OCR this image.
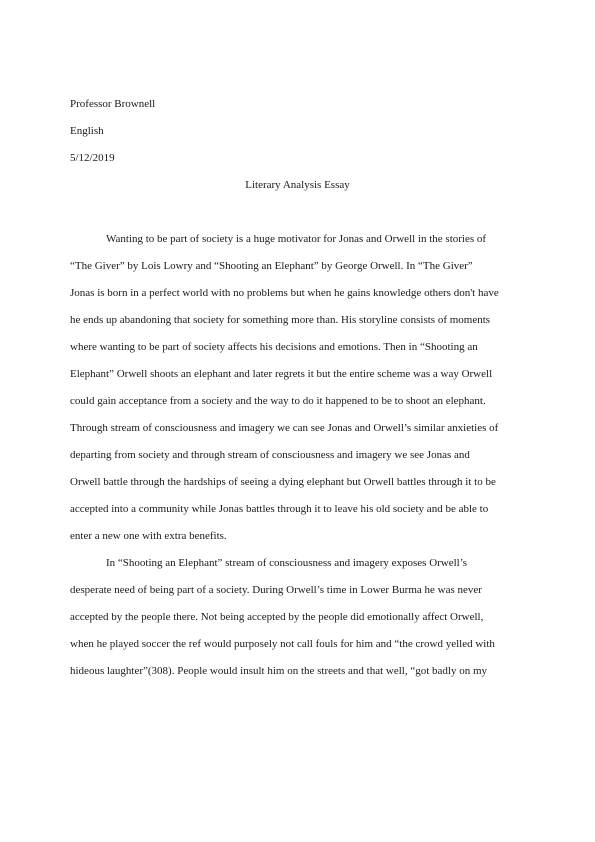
Professor Brownell
English
5/12/2019
Literary Analysis Essay
Wanting to be part of society is a huge motivator for Jonas and Orwell in the stories of
“The Giver” by Lois Lowry and “Shooting an Elephant” by George Orwell. In “The Giver”
Jonas is born in a perfect world with no problems but when he gains knowledge others don't have
he ends up abandoning that society for something more than. His storyline consists of moments
where wanting to be part of society affects his decisions and emotions. Then in “Shooting an
Elephant” Orwell shoots an elephant and later regrets it but the entire scheme was a way Orwell
could gain acceptance from a society and the way to do it happened to be to shoot an elephant.
Through stream of consciousness and imagery we can see Jonas and Orwell’s similar anxieties of
departing from society and through stream of consciousness and imagery we see Jonas and
Orwell battle through the hardships of seeing a dying elephant but Orwell battles through it to be
accepted into a community while Jonas battles through it to leave his old society and be able to
enter a new one with extra benefits.
In “Shooting an Elephant” stream of consciousness and imagery exposes Orwell’s
desperate need of being part of a society. During Orwell’s time in Lower Burma he was never
accepted by the people there. Not being accepted by the people did emotionally affect Orwell,
when he played soccer the ref would purposely not call fouls for him and “the crowd yelled with
hideous laughter”(308). People would insult him on the streets and that well, “got badly on my
